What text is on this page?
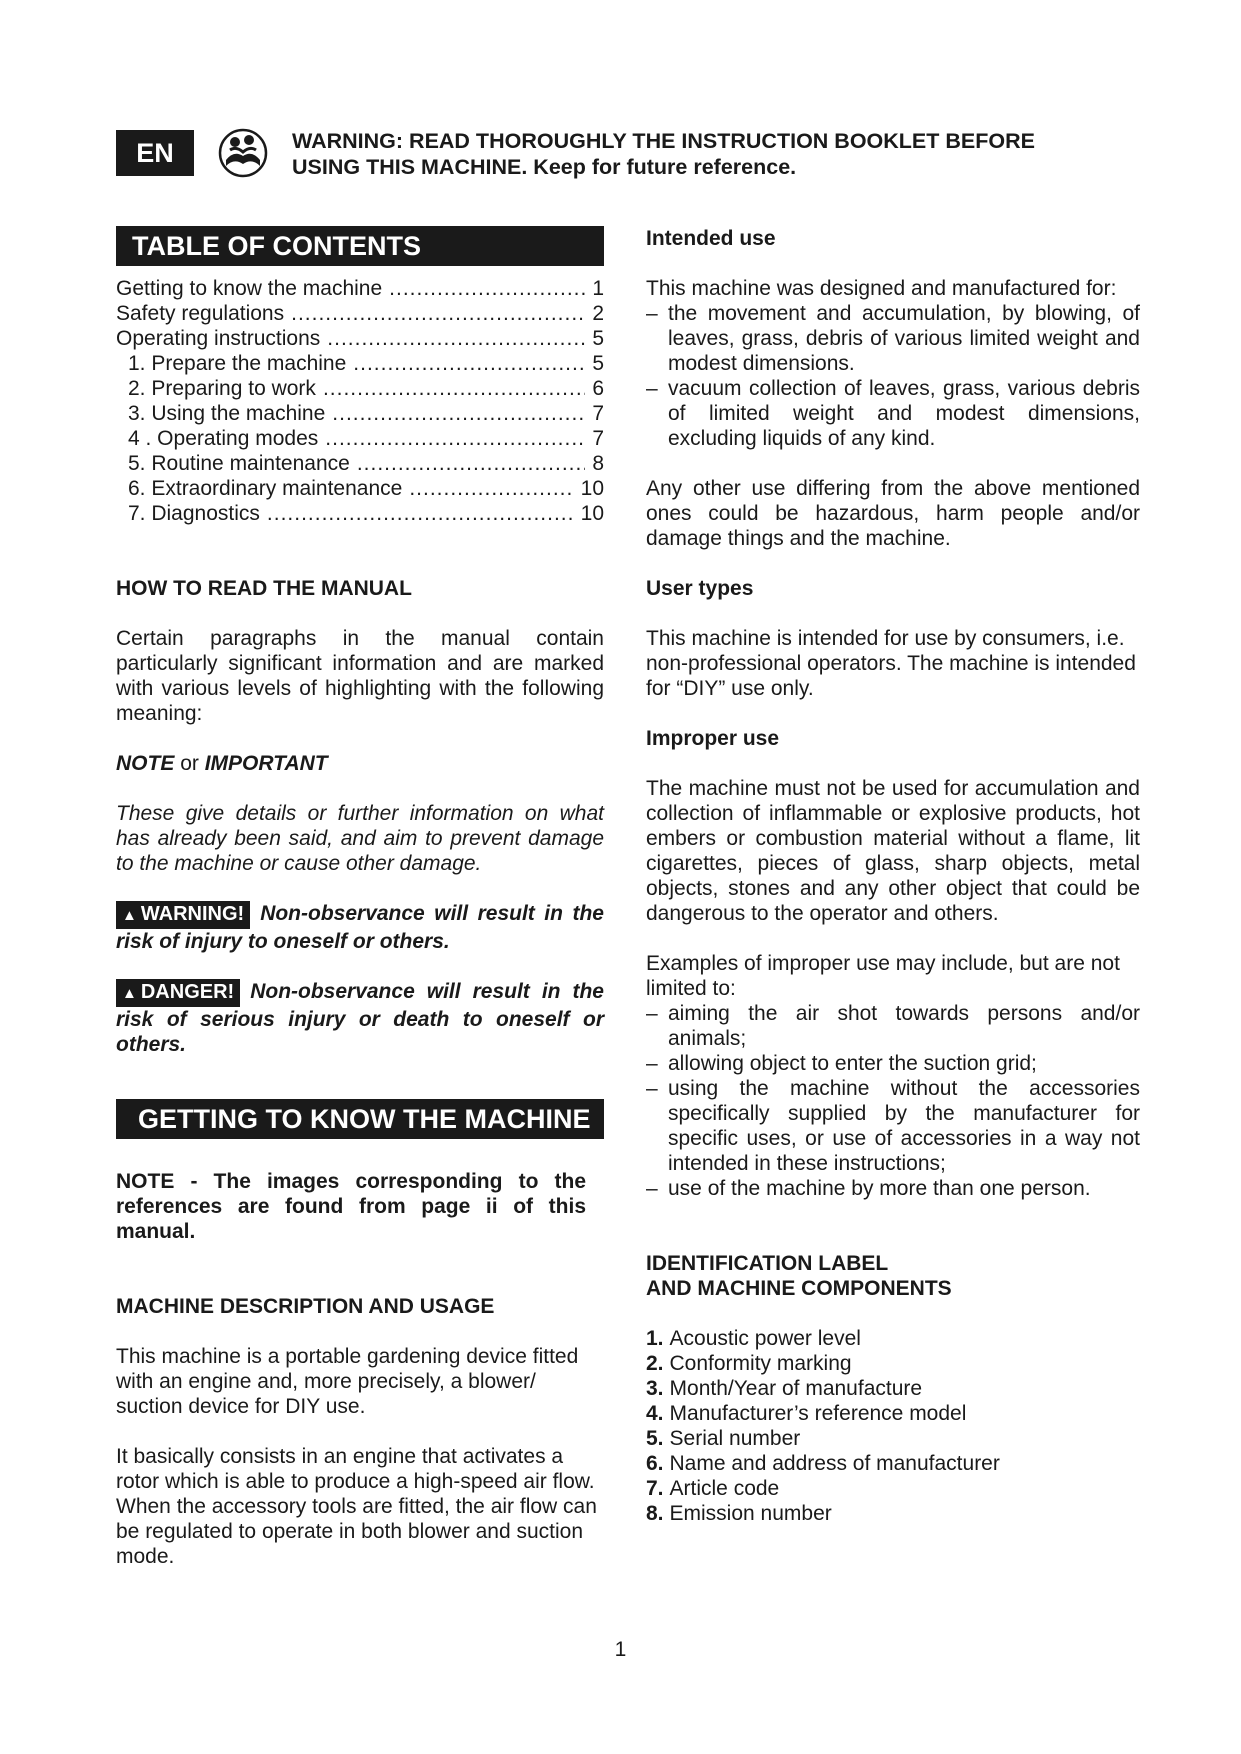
EN	WARNING: READ THOROUGHLY THE INSTRUCTION BOOKLET BEFORE
USING THIS MACHINE. Keep for future reference.
TABLE OF CONTENTS
Getting to know the machine .....	1
Safety regulations .....	2
Operating instructions .....	5
1. Prepare the machine .....	5
2. Preparing to work .....	6
3. Using the machine .....	7
4 . Operating modes .....	7
5. Routine maintenance .....	8
6. Extraordinary maintenance .....	10
7. Diagnostics .....	10
HOW TO READ THE MANUAL

Certain paragraphs in the manual contain particularly significant information and are marked with various levels of highlighting with the following meaning:

NOTE or IMPORTANT

These give details or further information on what has already been said, and aim to prevent damage to the machine or cause other damage.

▲ WARNING! Non-observance will result in the risk of injury to oneself or others.

▲ DANGER! Non-observance will result in the risk of serious injury or death to oneself or others.

GETTING TO KNOW THE MACHINE

NOTE - The images corresponding to the references are found from page ii of this manual.

MACHINE DESCRIPTION AND USAGE

This machine is a portable gardening device fitted with an engine and, more precisely, a blower/ suction device for DIY use.

It basically consists in an engine that activates a rotor which is able to produce a high-speed air flow.

When the accessory tools are fitted, the air flow can be regulated to operate in both blower and suction mode.

Intended use

This machine was designed and manufactured for:

– the movement and accumulation, by blowing, of leaves, grass, debris of various limited weight and modest dimensions.
– vacuum collection of leaves, grass, various debris of limited weight and modest dimensions, excluding liquids of any kind.

Any other use differing from the above mentioned ones could be hazardous, harm people and/or damage things and the machine.

User types

This machine is intended for use by consumers, i.e. non-professional operators. The machine is intended for “DIY” use only.

Improper use

The machine must not be used for accumulation and collection of inflammable or explosive products, hot embers or combustion material without a flame, lit cigarettes, pieces of glass, sharp objects, metal objects, stones and any other object that could be dangerous to the operator and others.

Examples of improper use may include, but are not limited to:

– aiming the air shot towards persons and/or animals;
– allowing object to enter the suction grid;
– using the machine without the accessories specifically supplied by the manufacturer for specific uses, or use of accessories in a way not intended in these instructions;
– use of the machine by more than one person.
IDENTIFICATION LABEL
AND MACHINE COMPONENTS
1. Acoustic power level
2. Conformity marking
3. Month/Year of manufacture
4. Manufacturer’s reference model
5. Serial number
6. Name and address of manufacturer
7. Article code
8. Emission number
1
